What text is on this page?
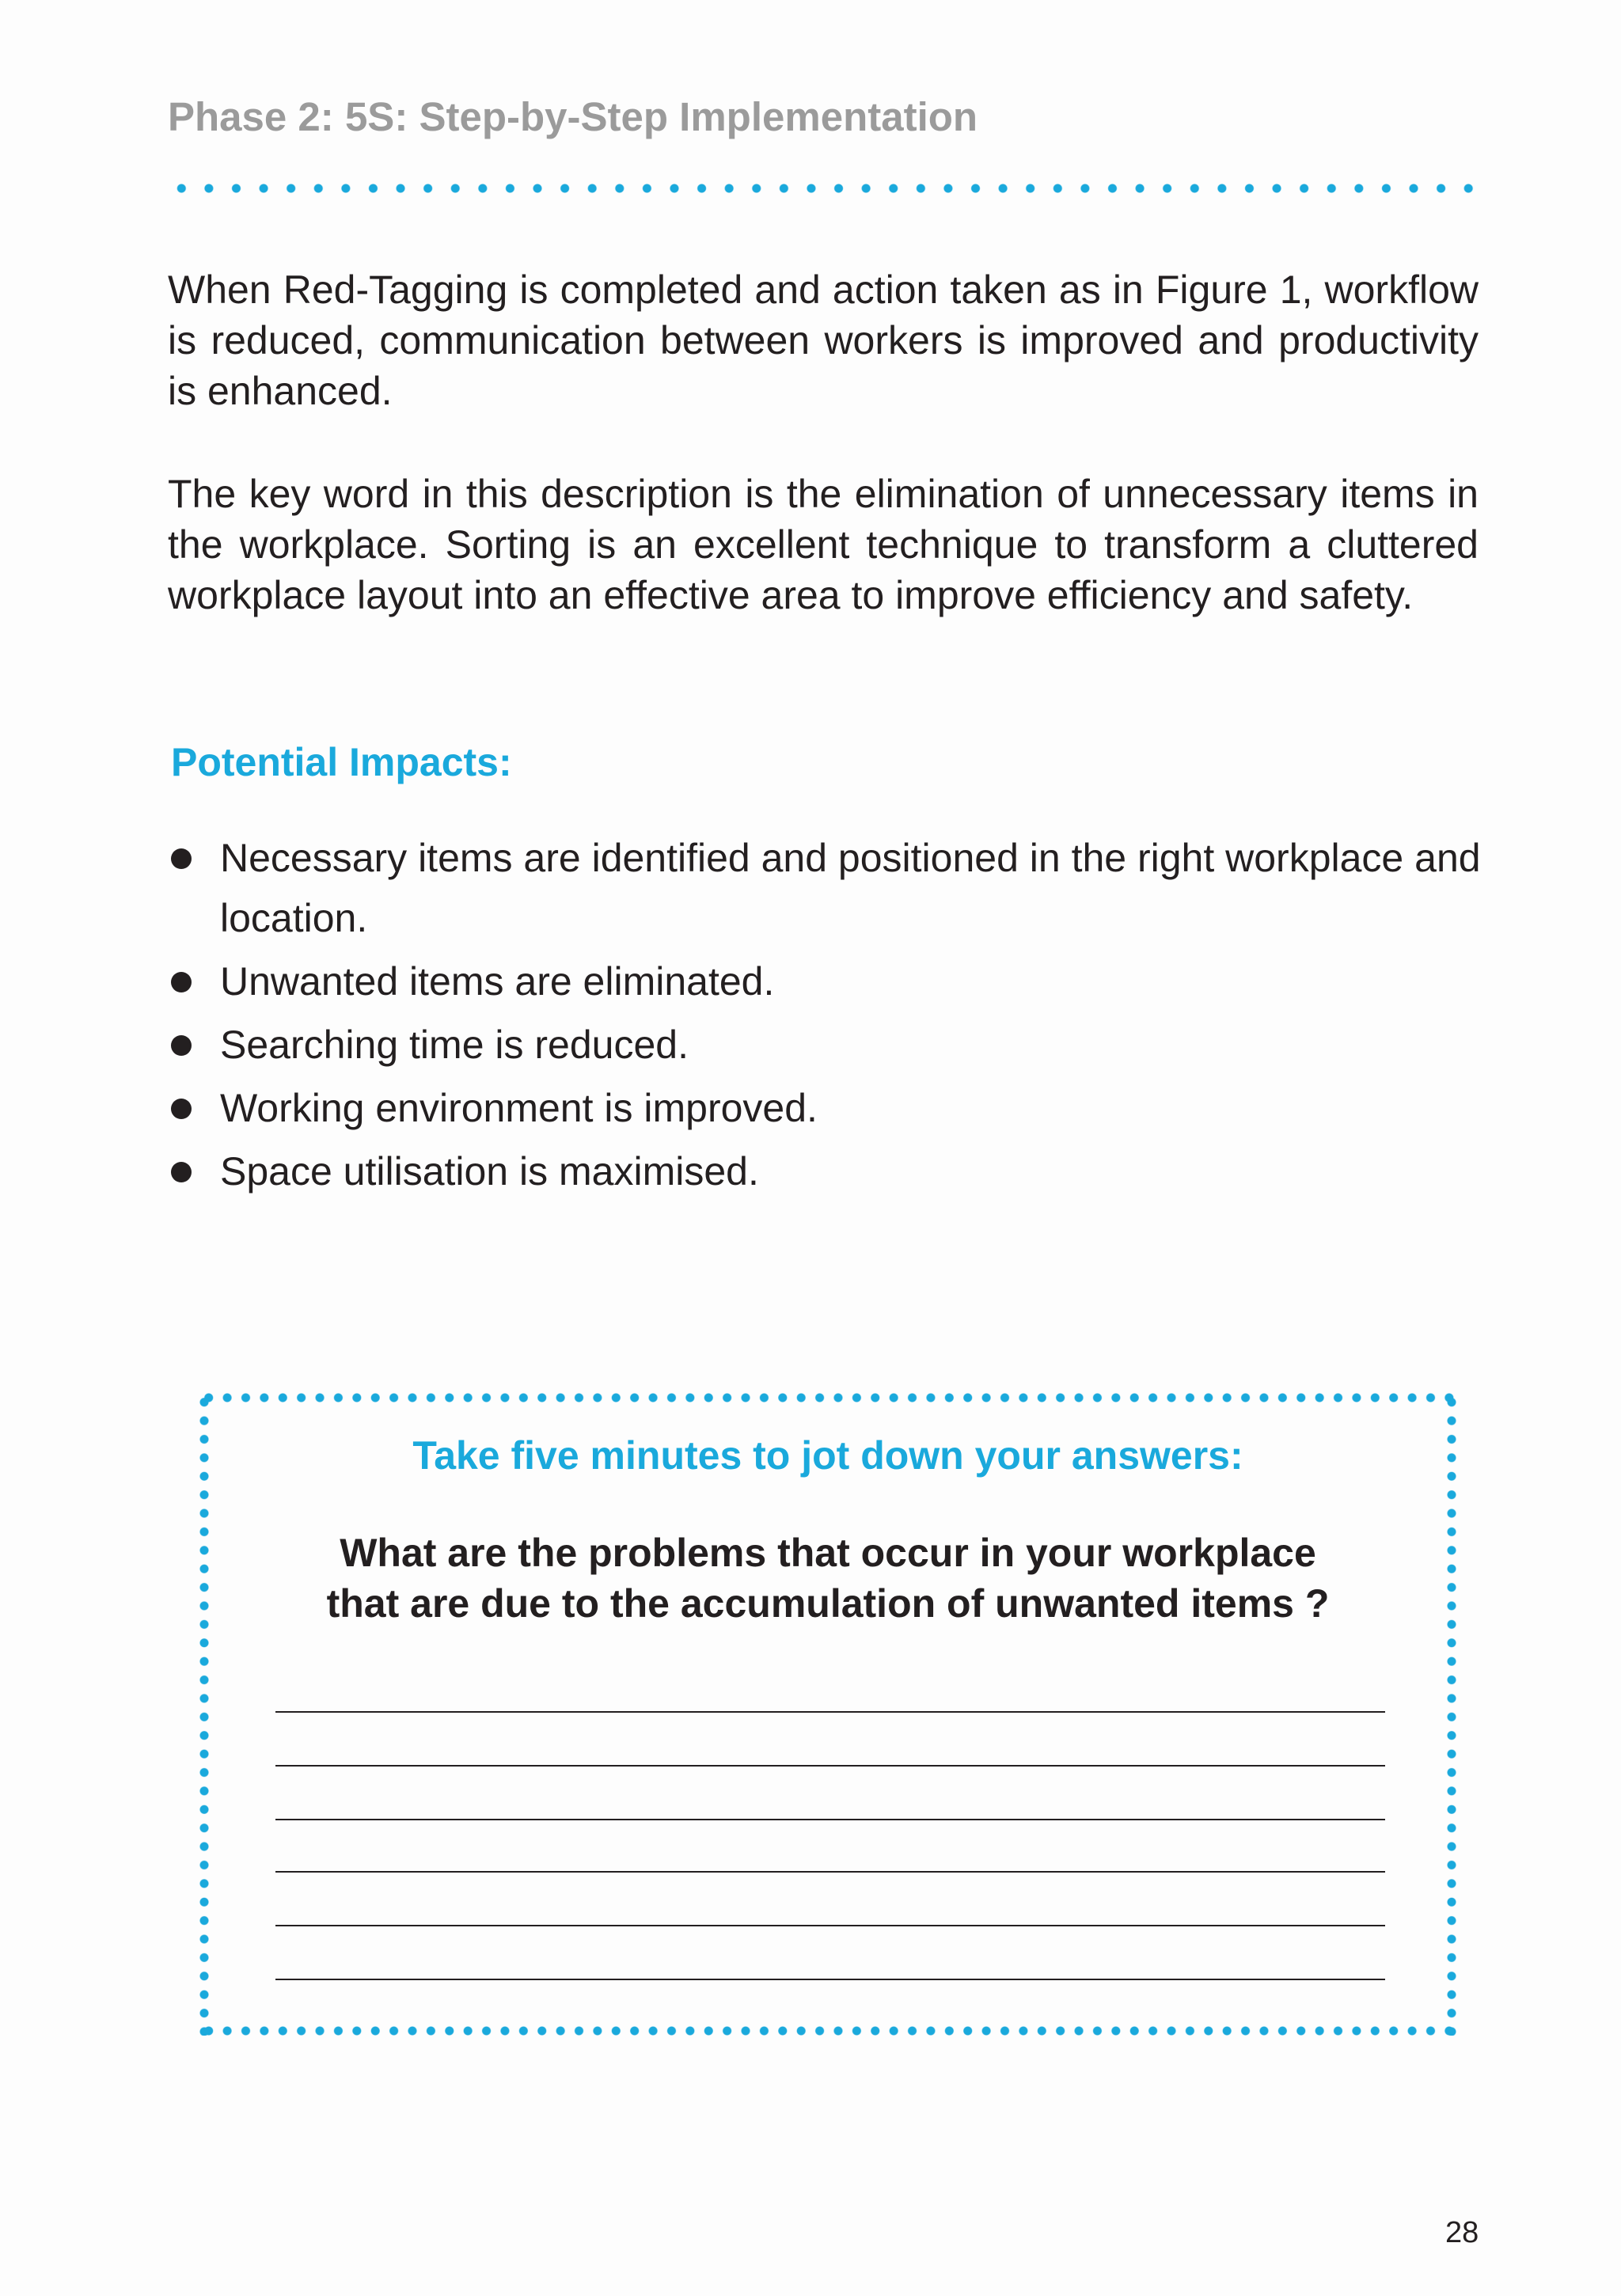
Phase 2: 5S: Step-by-Step Implementation

When Red-Tagging is completed and action taken as in Figure 1, workflow is reduced, communication between workers is improved and productivity is enhanced.

The key word in this description is the elimination of unnecessary items in the workplace. Sorting is an excellent technique to transform a cluttered workplace layout into an effective area to improve efficiency and safety.

Potential Impacts:
Necessary items are identified and positioned in the right workplace and location.
Unwanted items are eliminated.
Searching time is reduced.
Working environment is improved.
Space utilisation is maximised.
Take five minutes to jot down your answers:
What are the problems that occur in your workplace
that are due to the accumulation of unwanted items ?
28
